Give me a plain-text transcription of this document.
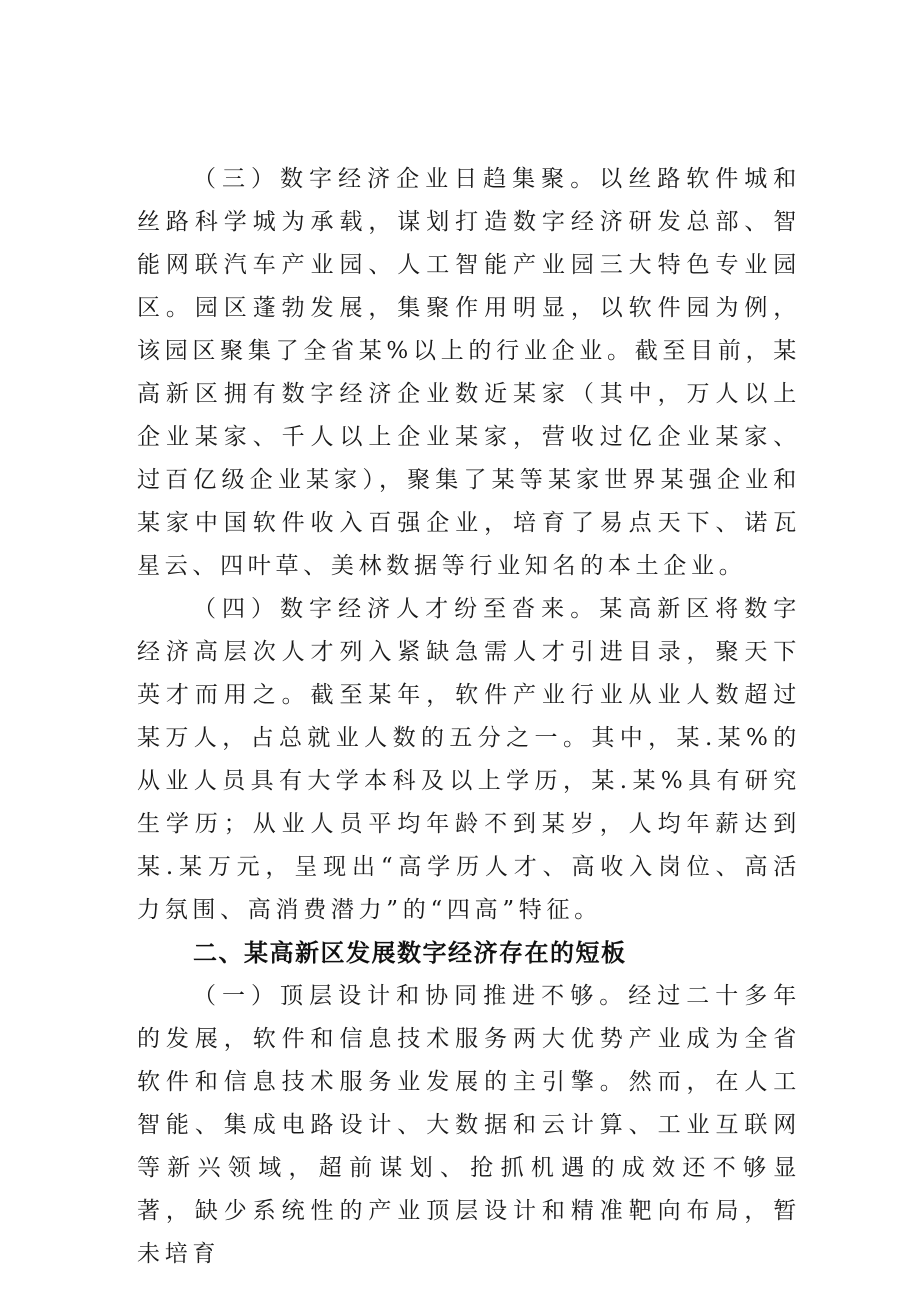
（三）数字经济企业日趋集聚。以丝路软件城和丝路科学城为承载，谋划打造数字经济研发总部、智能网联汽车产业园、人工智能产业园三大特色专业园区。园区蓬勃发展，集聚作用明显，以软件园为例，该园区聚集了全省某%以上的行业企业。截至目前，某高新区拥有数字经济企业数近某家（其中，万人以上企业某家、千人以上企业某家，营收过亿企业某家、过百亿级企业某家），聚集了某等某家世界某强企业和某家中国软件收入百强企业，培育了易点天下、诺瓦星云、四叶草、美林数据等行业知名的本土企业。

（四）数字经济人才纷至沓来。某高新区将数字经济高层次人才列入紧缺急需人才引进目录，聚天下英才而用之。截至某年，软件产业行业从业人数超过某万人，占总就业人数的五分之一。其中，某.某%的从业人员具有大学本科及以上学历，某.某%具有研究生学历；从业人员平均年龄不到某岁，人均年薪达到某.某万元，呈现出“高学历人才、高收入岗位、高活力氛围、高消费潜力”的“四高”特征。

二、某高新区发展数字经济存在的短板

（一）顶层设计和协同推进不够。经过二十多年的发展，软件和信息技术服务两大优势产业成为全省软件和信息技术服务业发展的主引擎。然而，在人工智能、集成电路设计、大数据和云计算、工业互联网等新兴领域，超前谋划、抢抓机遇的成效还不够显著，缺少系统性的产业顶层设计和精准靶向布局，暂未培育
